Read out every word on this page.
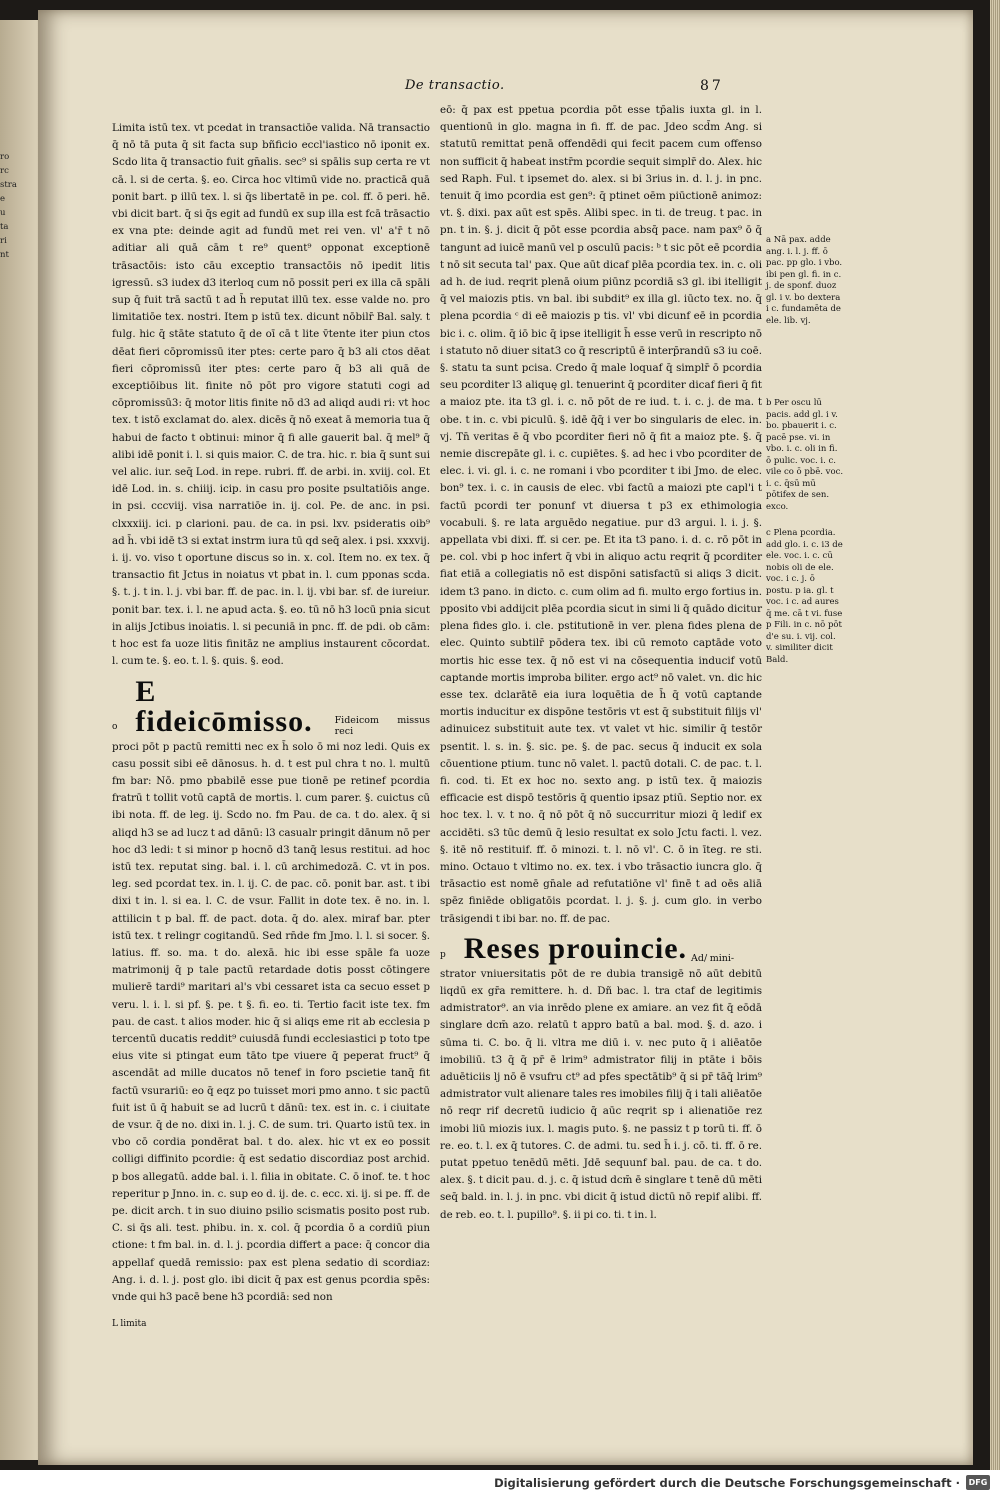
ro
rc
stra
e
u
ta
ri
nt
De transactio.	87

Limita istū tex. vt pcedat in transactiōe valida. Nā transactio q̄ nō tā puta q̄ sit facta sup bñficio eccl'iastico nō iponit ex. Scdo lita q̄ transactio fuit gn̄alis. sec⁹ si spālis sup certa re vt cā. l. si de certa. §. eo. Circa hoc vltimū vide no. practicā quā ponit bart. p illū tex. l. si q̄s libertatē in pe. col. ff. ō peri. hē. vbi dicit bart. q̄ si q̄s egit ad fundū ex sup illa est fcā trāsactio ex vna pte: deinde agit ad fundū met rei ven. vl' a'r̄ t nō aditiar ali quā cām t re⁹ quent⁹ opponat exceptionē trāsactōis: isto cāu exceptio transactōis nō ipedit litis igressū. s3 iudex d3 iterloq cum nō possit peri ex illa cā spāli sup q̄ fuit trā sactū t ad h̄ reputat illū tex. esse valde no. pro limitatiōe tex. nostri. Item p istū tex. dicunt nōbilr̄ Bal. saly. t fulg. hic q̄ stāte statuto q̄ de oī cā t lite v̄tente iter piun ctos dēat fieri cōpromissū iter ptes: certe paro q̄ b3 ali ctos dēat fieri cōpromissū iter ptes: certe paro q̄ b3 ali quā de exceptiōibus lit. finite nō pōt pro vigore statuti cogi ad cōpromissū3: q̄ motor litis finite nō d3 ad aliqd audi ri: vt hoc tex. t istō exclamat do. alex. dicēs q̄ nō exeat ā memoria tua q̄ habui de facto t obtinui: minor q̄ fi alle gauerit bal. q̄ mel⁹ q̄ alibi idē ponit i. l. si quis maior. C. de tra. hic. r. bia q̄ sunt sui vel alic. iur. seq̄ Lod. in repe. rubri. ff. de arbi. in. xviij. col. Et idē Lod. in. s. chiiij. icip. in casu pro posite psultatiōis ange. in psi. cccviij. visa narratiōe in. ij. col. Pe. de anc. in psi. clxxxiij. ici. p clarioni. pau. de ca. in psi. lxv. psideratis oib⁹ ad h̄. vbi idē t3 si extat instrm iura tū qd seq̄ alex. i psi. xxxvij. i. ij. vo. viso t oportune discus so in. x. col. Item no. ex tex. q̄ transactio fit Jctus in noiatus vt pbat in. l. cum pponas scda. §. t. j. t in. l. j. vbi bar. ff. de pac. in. l. ij. vbi bar. sf. de iureiur. ponit bar. tex. i. l. ne apud acta. §. eo. tū nō h3 locū pnia sicut in alijs Jctibus inoiatis. l. si pecuniā in pnc. ff. de pdi. ob cām: t hoc est fa uoze litis finitāz ne amplius instaurent cōcordat. l. cum te. §. eo. t. l. §. quis. §. eod.

o
E fideicōmisso.	Fideicom missus reci

proci pōt p pactū remitti nec ex h̄ solo ō mi noz ledi. Quis ex casu possit sibi eē dānosus. h. d. t est pul chra t no. l. multū fm bar: Nō. pmo pbabilē esse pue tionē pe retinef pcordia fratrū t tollit votū captā de mortis. l. cum parer. §. cuictus cū ibi nota. ff. de leg. ij. Scdo no. fm Pau. de ca. t do. alex. q̄ si aliqd h3 se ad lucz t ad dānū: l3 casualr pringit dānum nō per hoc d3 ledi: t si minor p hocnō d3 tanq̄ lesus restitui. ad hoc istū tex. reputat sing. bal. i. l. cū archimedozā. C. vt in pos. leg. sed pcordat tex. in. l. ij. C. de pac. cō. ponit bar. ast. t ibi dixi t in. l. si ea. l. C. de vsur. Fallit in dote tex. ē no. in. l. attilicin t p bal. ff. de pact. dota. q̄ do. alex. miraf bar. pter istū tex. t relingr cogitandū. Sed rn̄de fm Jmo. l. l. si socer. §. latius. ff. so. ma. t do. alexā. hic ibi esse spāle fa uoze matrimonij q̄ p tale pactū retardade dotis posst cōtingere mulierē tardi⁹ maritari al's vbi cessaret ista ca secuo esset p veru. l. i. l. si pf. §. pe. t §. fi. eo. ti. Tertio facit iste tex. fm pau. de cast. t alios moder. hic q̄ si aliqs eme rit ab ecclesia p tercentū ducatis reddit⁹ cuiusdā fundi ecclesiastici p toto tpe eius vite si ptingat eum tāto tpe viuere q̄ peperat fruct⁹ q̄ ascendāt ad mille ducatos nō tenef in foro pscietie tanq̄ fit factū vsurariū: eo q̄ eqz po tuisset mori pmo anno. t sic pactū fuit ist ū q̄ habuit se ad lucrū t dānū: tex. est in. c. i ciuitate de vsur. q̄ de no. dixi in. l. j. C. de sum. tri. Quarto istū tex. in vbo cō cordia pondērat bal. t do. alex. hic vt ex eo possit colligi diffinito pcordie: q̄ est sedatio discordiaz post archid. p bos allegatū. adde bal. i. l. filia in obitate. C. ō inof. te. t hoc reperitur p Jnno. in. c. sup eo d. ij. de. c. ecc. xi. ij. si pe. ff. de pe. dicit arch. t in suo diuino psilio scismatis posito post rub. C. si q̄s ali. test. phibu. in. x. col. q̄ pcordia ō a cordiū piun ctione: t fm bal. in. d. l. j. pcordia differt a pace: q̄ concor dia appellaf quedā remissio: pax est plena sedatio di scordiaz: Ang. i. d. l. j. post glo. ibi dicit q̄ pax est genus pcordia spēs: vnde qui h3 pacē bene h3 pcordiā: sed non

L limita

eō: q̄ pax est ppetua pcordia pōt esse tp̄alis iuxta gl. in l. quentionū in glo. magna in fi. ff. de pac. Jdeo scd̄m Ang. si statutū remittat penā offendēdi qui fecit pacem cum offenso non sufficit q̄ habeat instr̄m pcordie sequit simplr̄ do. Alex. hic sed Raph. Ful. t ipsemet do. alex. si bi 3rius in. d. l. j. in pnc. tenuit q̄ imo pcordia est gen⁹: q̄ ptinet oēm piūctionē animoz: vt. §. dixi. pax aūt est spēs. Alibi spec. in ti. de treug. t pac. in pn. t in. §. j. dicit q̄ pōt esse pcordia absq̄ pace. nam pax⁹ ō q̄ tangunt ad iuicē manū vel p osculū pacis: ᵇ t sic pōt eē pcordia t nō sit secuta tal' pax. Que aūt dicaf plēa pcordia tex. in. c. oli ad h. de iud. reqrit plenā oium piūnz pcordiā s3 gl. ibi itelligit q̄ vel maiozis ptis. vn bal. ibi subdit⁹ ex illa gl. iūcto tex. no. q̄ plena pcordia ᶜ di eē maiozis p tis. vl' vbi dicunf eē in pcordia bic i. c. olim. q̄ iō bic q̄ ipse itelligit h̄ esse verū in rescripto nō i statuto nō diuer sitat3 co q̄ rescriptū ē interp̄randū s3 iu coē. §. statu ta sunt pcisa. Credo q̄ male loquaf q̄ simplr̄ ō pcordia seu pcorditer l3 aliquę gl. tenuerint q̄ pcorditer dicaf fieri q̄ fit a maioz pte. ita t3 gl. i. c. nō pōt de re iud. t. i. c. j. de ma. t obe. t in. c. vbi piculū. §. idē q̄q̄ i ver bo singularis de elec. in. vj. Tn̄ veritas ē q̄ vbo pcorditer fieri nō q̄ fit a maioz pte. §. q̄ nemie discrepāte gl. i. c. cupiētes. §. ad hec i vbo pcorditer de elec. i. vi. gl. i. c. ne romani i vbo pcorditer t ibi Jmo. de elec. bon⁹ tex. i. c. in causis de elec. vbi factū a maiozi pte capl'i t factū pcordi ter ponunf vt diuersa t p3 ex ethimologia vocabuli. §. re lata arguēdo negatiue. pur d3 argui. l. i. j. §. appellata vbi dixi. ff. si cer. pe. Et ita t3 pano. i. d. c. rō pōt in pe. col. vbi p hoc infert q̄ vbi in aliquo actu reqrit q̄ pcorditer fiat etiā a collegiatis nō est dispōni satisfactū si aliqs 3 dicit. idem t3 pano. in dicto. c. cum olim ad fi. multo ergo fortius in. pposito vbi addijcit plēa pcordia sicut in simi li q̄ quādo dicitur plena fides glo. i. cle. pstitutionē in ver. plena fides plena de elec. Quinto subtilr̄ pōdera tex. ibi cū remoto captāde voto mortis hic esse tex. q̄ nō est vi na cōsequentia inducif votū captande mortis improba biliter. ergo act⁹ nō valet. vn. dic hic esse tex. dclarātē eia iura loquētia de h̄ q̄ votū captande mortis inducitur ex dispōne testōris vt est q̄ substituit filijs vl' adinuicez substituit aute tex. vt valet vt hic. similir q̄ testōr psentit. l. s. in. §. sic. pe. §. de pac. secus q̄ inducit ex sola cōuentione ptium. tunc nō valet. l. pactū dotali. C. de pac. t. l. fi. cod. ti. Et ex hoc no. sexto ang. p istū tex. q̄ maiozis efficacie est dispō testōris q̄ quentio ipsaz ptiū. Septio nor. ex hoc tex. l. v. t no. q̄ nō pōt q̄ nō succurritur miozi q̄ ledif ex accidēti. s3 tūc demū q̄ lesio resultat ex solo Jctu facti. l. vez. §. itē nō restituif. ff. ō minozi. t. l. nō vl'. C. ō in īteg. re sti. mino. Octauo t vltimo no. ex. tex. i vbo trāsactio iuncra glo. q̄ trāsactio est nomē gn̄ale ad refutatiōne vl' finē t ad oēs aliā spēz finiēde obligatōis pcordat. l. j. §. j. cum glo. in verbo trāsigendi t ibi bar. no. ff. de pac.

p Reses prouincie. Ad/ mini-

strator vniuersitatis pōt de re dubia transigē nō aūt debitū liqdū ex gr̄a remittere. h. d. Dñ bac. l. tra ctaf de legitimis admistrator⁹. an via inrēdo plene ex amiare. an vez fit q̄ eōdā singlare dcm̄ azo. relatū t appro batū a bal. mod. §. d. azo. i sūma ti. C. bo. q̄ li. vltra me diū i. v. nec puto q̄ i aliēatōe imobiliū. t3 q̄ q̄ pr̄ ē lrim⁹ admistrator filij in ptāte i bōis aduēticiis lj nō ē vsufru ct⁹ ad pfes spectātib⁹ q̄ si pr̄ tāq̄ lrim⁹ admistrator vult alienare tales res imobiles filij q̄ i tali aliēatōe nō reqr rif decretū iudicio q̄ aūc reqrit sp i alienatiōe rez imobi liū miozis iux. l. magis puto. §. ne passiz t p torū ti. ff. ō re. eo. t. l. ex q̄ tutores. C. de admi. tu. sed h̄ i. j. cō. ti. ff. ō re. putat ppetuo tenēdū mēti. Jdē sequunf bal. pau. de ca. t do. alex. §. t dicit pau. d. j. c. q̄ istud dcm̄ ē singlare t tenē dū mēti seq̄ bald. in. l. j. in pnc. vbi dicit q̄ istud dictū nō repif alibi. ff. de reb. eo. t. l. pupillo⁹. §. ii pi co. ti. t in. l.

a Nā pax. adde ang. i. l. j. ff. ō pac. pp glo. i vbo. ibi pen gl. fi. in c. j. de sponf. duoz gl. i v. bo dextera i c. fundamēta de ele. lib. vj.
b Per oscu lū pacis. add gl. i v. bo. pbauerit i. c. pacē pse. vi. in vbo. i. c. oli in fi. ō pulic. voc. i. c. vile co ō pbē. voc. i. c. q̄sū mū pōtifex de sen. exco.
c Plena pcordia. add glo. i. c. i3 de ele. voc. i. c. cū nobis oli de ele. voc. i c. j. ō postu. p ia. gl. t voc. i c. ad aures q̄ me. cā t vi. fuse p Fili. in c. nō pōt d'e su. i. vij. col. v. similiter dicit Bald.
Digitalisierung gefördert durch die Deutsche Forschungsgemeinschaft ·	DFG
